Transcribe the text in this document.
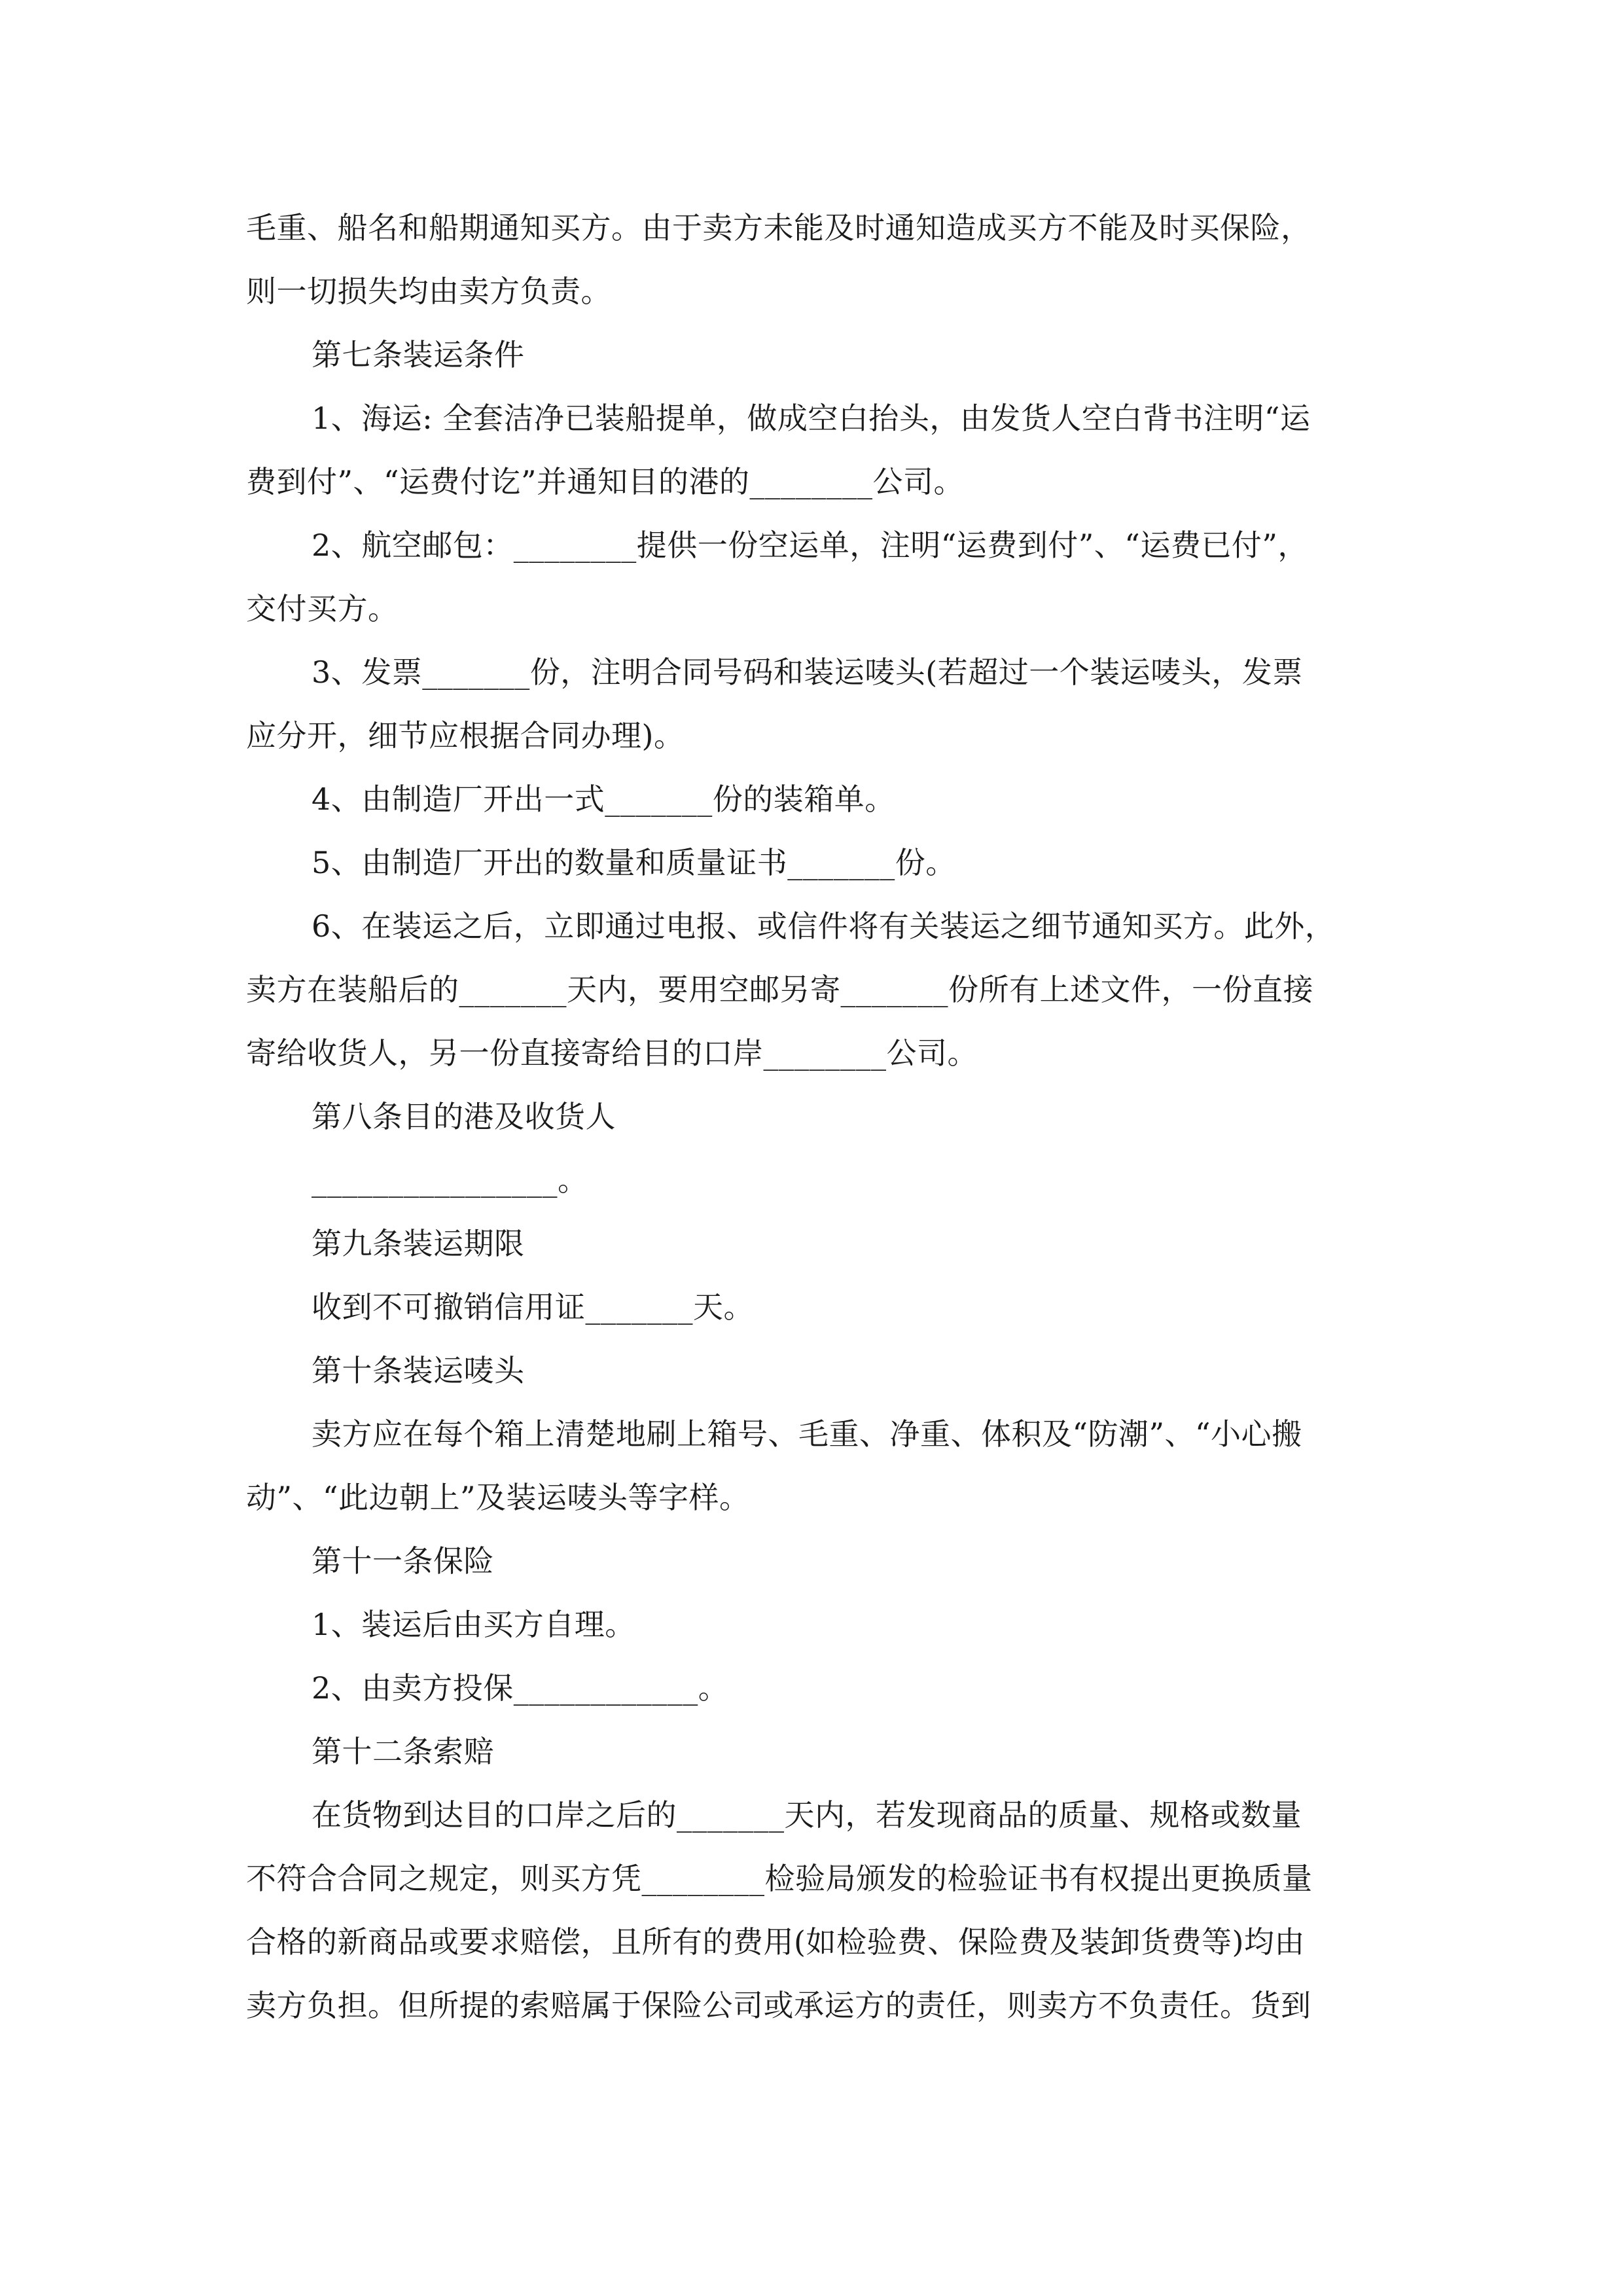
毛重、船名和船期通知买方。由于卖方未能及时通知造成买方不能及时买保险，
则一切损失均由卖方负责。
第七条装运条件
1、海运: 全套洁净已装船提单，做成空白抬头，由发货人空白背书注明“运
费到付”、“运费付讫”并通知目的港的________公司。
2、航空邮包：________提供一份空运单，注明“运费到付”、“运费已付”，
交付买方。
3、发票_______份，注明合同号码和装运唛头(若超过一个装运唛头，发票
应分开，细节应根据合同办理)。
4、由制造厂开出一式_______份的装箱单。
5、由制造厂开出的数量和质量证书_______份。
6、在装运之后，立即通过电报、或信件将有关装运之细节通知买方。此外，
卖方在装船后的_______天内，要用空邮另寄_______份所有上述文件，一份直接
寄给收货人，另一份直接寄给目的口岸________公司。
第八条目的港及收货人
________________。
第九条装运期限
收到不可撤销信用证_______天。
第十条装运唛头
卖方应在每个箱上清楚地刷上箱号、毛重、净重、体积及“防潮”、“小心搬
动”、“此边朝上”及装运唛头等字样。
第十一条保险
1、装运后由买方自理。
2、由卖方投保____________。
第十二条索赔
在货物到达目的口岸之后的_______天内，若发现商品的质量、规格或数量
不符合合同之规定，则买方凭________检验局颁发的检验证书有权提出更换质量
合格的新商品或要求赔偿，且所有的费用(如检验费、保险费及装卸货费等)均由
卖方负担。但所提的索赔属于保险公司或承运方的责任，则卖方不负责任。货到
